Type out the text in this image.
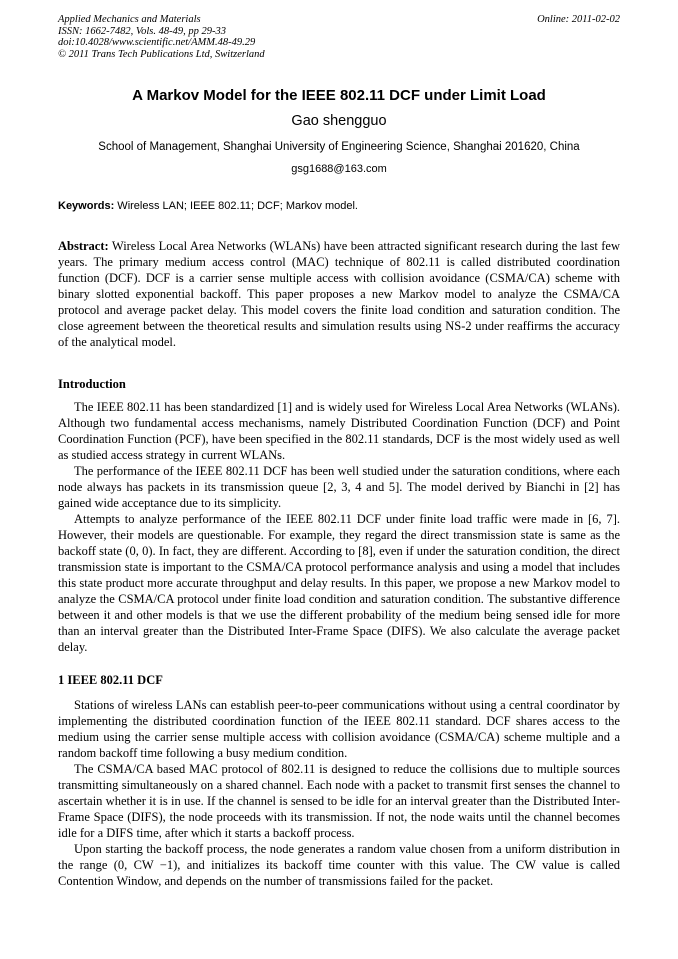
Applied Mechanics and Materials
ISSN: 1662-7482, Vols. 48-49, pp 29-33
doi:10.4028/www.scientific.net/AMM.48-49.29
© 2011 Trans Tech Publications Ltd, Switzerland
Online: 2011-02-02
A Markov Model for the IEEE 802.11 DCF under Limit Load
Gao shengguo
School of Management, Shanghai University of Engineering Science, Shanghai 201620, China
gsg1688@163.com

Keywords: Wireless LAN; IEEE 802.11; DCF; Markov model.

Abstract: Wireless Local Area Networks (WLANs) have been attracted significant research during the last few years. The primary medium access control (MAC) technique of 802.11 is called distributed coordination function (DCF). DCF is a carrier sense multiple access with collision avoidance (CSMA/CA) scheme with binary slotted exponential backoff. This paper proposes a new Markov model to analyze the CSMA/CA protocol and average packet delay. This model covers the finite load condition and saturation condition. The close agreement between the theoretical results and simulation results using NS-2 under reaffirms the accuracy of the analytical model.

Introduction

The IEEE 802.11 has been standardized [1] and is widely used for Wireless Local Area Networks (WLANs). Although two fundamental access mechanisms, namely Distributed Coordination Function (DCF) and Point Coordination Function (PCF), have been specified in the 802.11 standards, DCF is the most widely used as well as studied access strategy in current WLANs.

The performance of the IEEE 802.11 DCF has been well studied under the saturation conditions, where each node always has packets in its transmission queue [2, 3, 4 and 5]. The model derived by Bianchi in [2] has gained wide acceptance due to its simplicity.

Attempts to analyze performance of the IEEE 802.11 DCF under finite load traffic were made in [6, 7]. However, their models are questionable. For example, they regard the direct transmission state is same as the backoff state (0, 0). In fact, they are different. According to [8], even if under the saturation condition, the direct transmission state is important to the CSMA/CA protocol performance analysis and using a model that includes this state product more accurate throughput and delay results. In this paper, we propose a new Markov model to analyze the CSMA/CA protocol under finite load condition and saturation condition. The substantive difference between it and other models is that we use the different probability of the medium being sensed idle for more than an interval greater than the Distributed Inter-Frame Space (DIFS). We also calculate the average packet delay.

1 IEEE 802.11 DCF

Stations of wireless LANs can establish peer-to-peer communications without using a central coordinator by implementing the distributed coordination function of the IEEE 802.11 standard. DCF shares access to the medium using the carrier sense multiple access with collision avoidance (CSMA/CA) scheme multiple and a random backoff time following a busy medium condition.

The CSMA/CA based MAC protocol of 802.11 is designed to reduce the collisions due to multiple sources transmitting simultaneously on a shared channel. Each node with a packet to transmit first senses the channel to ascertain whether it is in use. If the channel is sensed to be idle for an interval greater than the Distributed Inter-Frame Space (DIFS), the node proceeds with its transmission. If not, the node waits until the channel becomes idle for a DIFS time, after which it starts a backoff process.

Upon starting the backoff process, the node generates a random value chosen from a uniform distribution in the range (0, CW −1), and initializes its backoff time counter with this value. The CW value is called Contention Window, and depends on the number of transmissions failed for the packet.
